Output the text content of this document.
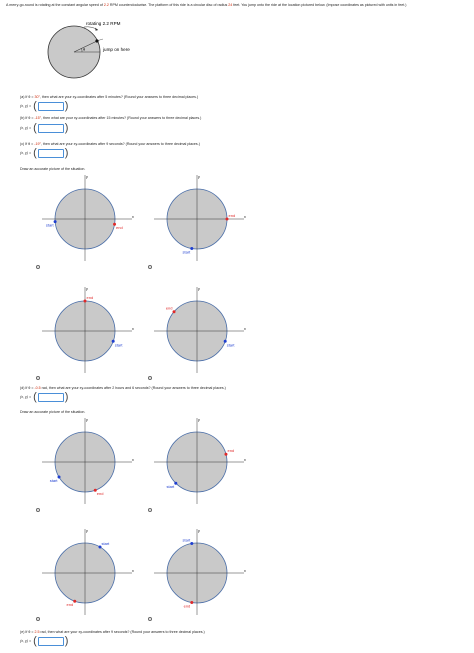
A merry-go-round is rotating at the constant angular speed of 2.2 RPM counterclockwise. The platform of this ride is a circular disc of radius 24 feet. You jump onto the ride at the location pictured below. (Impose coordinates as pictured with units in feet.)
θ
rotating 2.2 RPM
jump on here
(a) If θ = 30°, then what are your xy-coordinates after 5 minutes? (Round your answers to three decimal places.)
(x, y) = (	)
(b) If θ = -15°, then what are your xy-coordinates after 15 minutes? (Round your answers to three decimal places.)
(x, y) = (	)
(c) If θ = -19°, then what are your xy-coordinates after 9 seconds? (Round your answers to three decimal places.)
(x, y) = (	)
Draw an accurate picture of the situation.
x
y
start
end
x
y
start
end
x
y
start
end
x
y
start
end
(d) If θ = -0.5 rad, then what are your xy-coordinates after 2 hours and 6 seconds? (Round your answers to three decimal places.)
(x, y) = (	)
Draw an accurate picture of the situation.
x
y
start
end
x
y
start
end
x
y
start
end
x
y
start
end
(e) If θ = 2.5 rad, then what are your xy-coordinates after 9 seconds? (Round your answers to three decimal places.)
(x, y) = (	)
